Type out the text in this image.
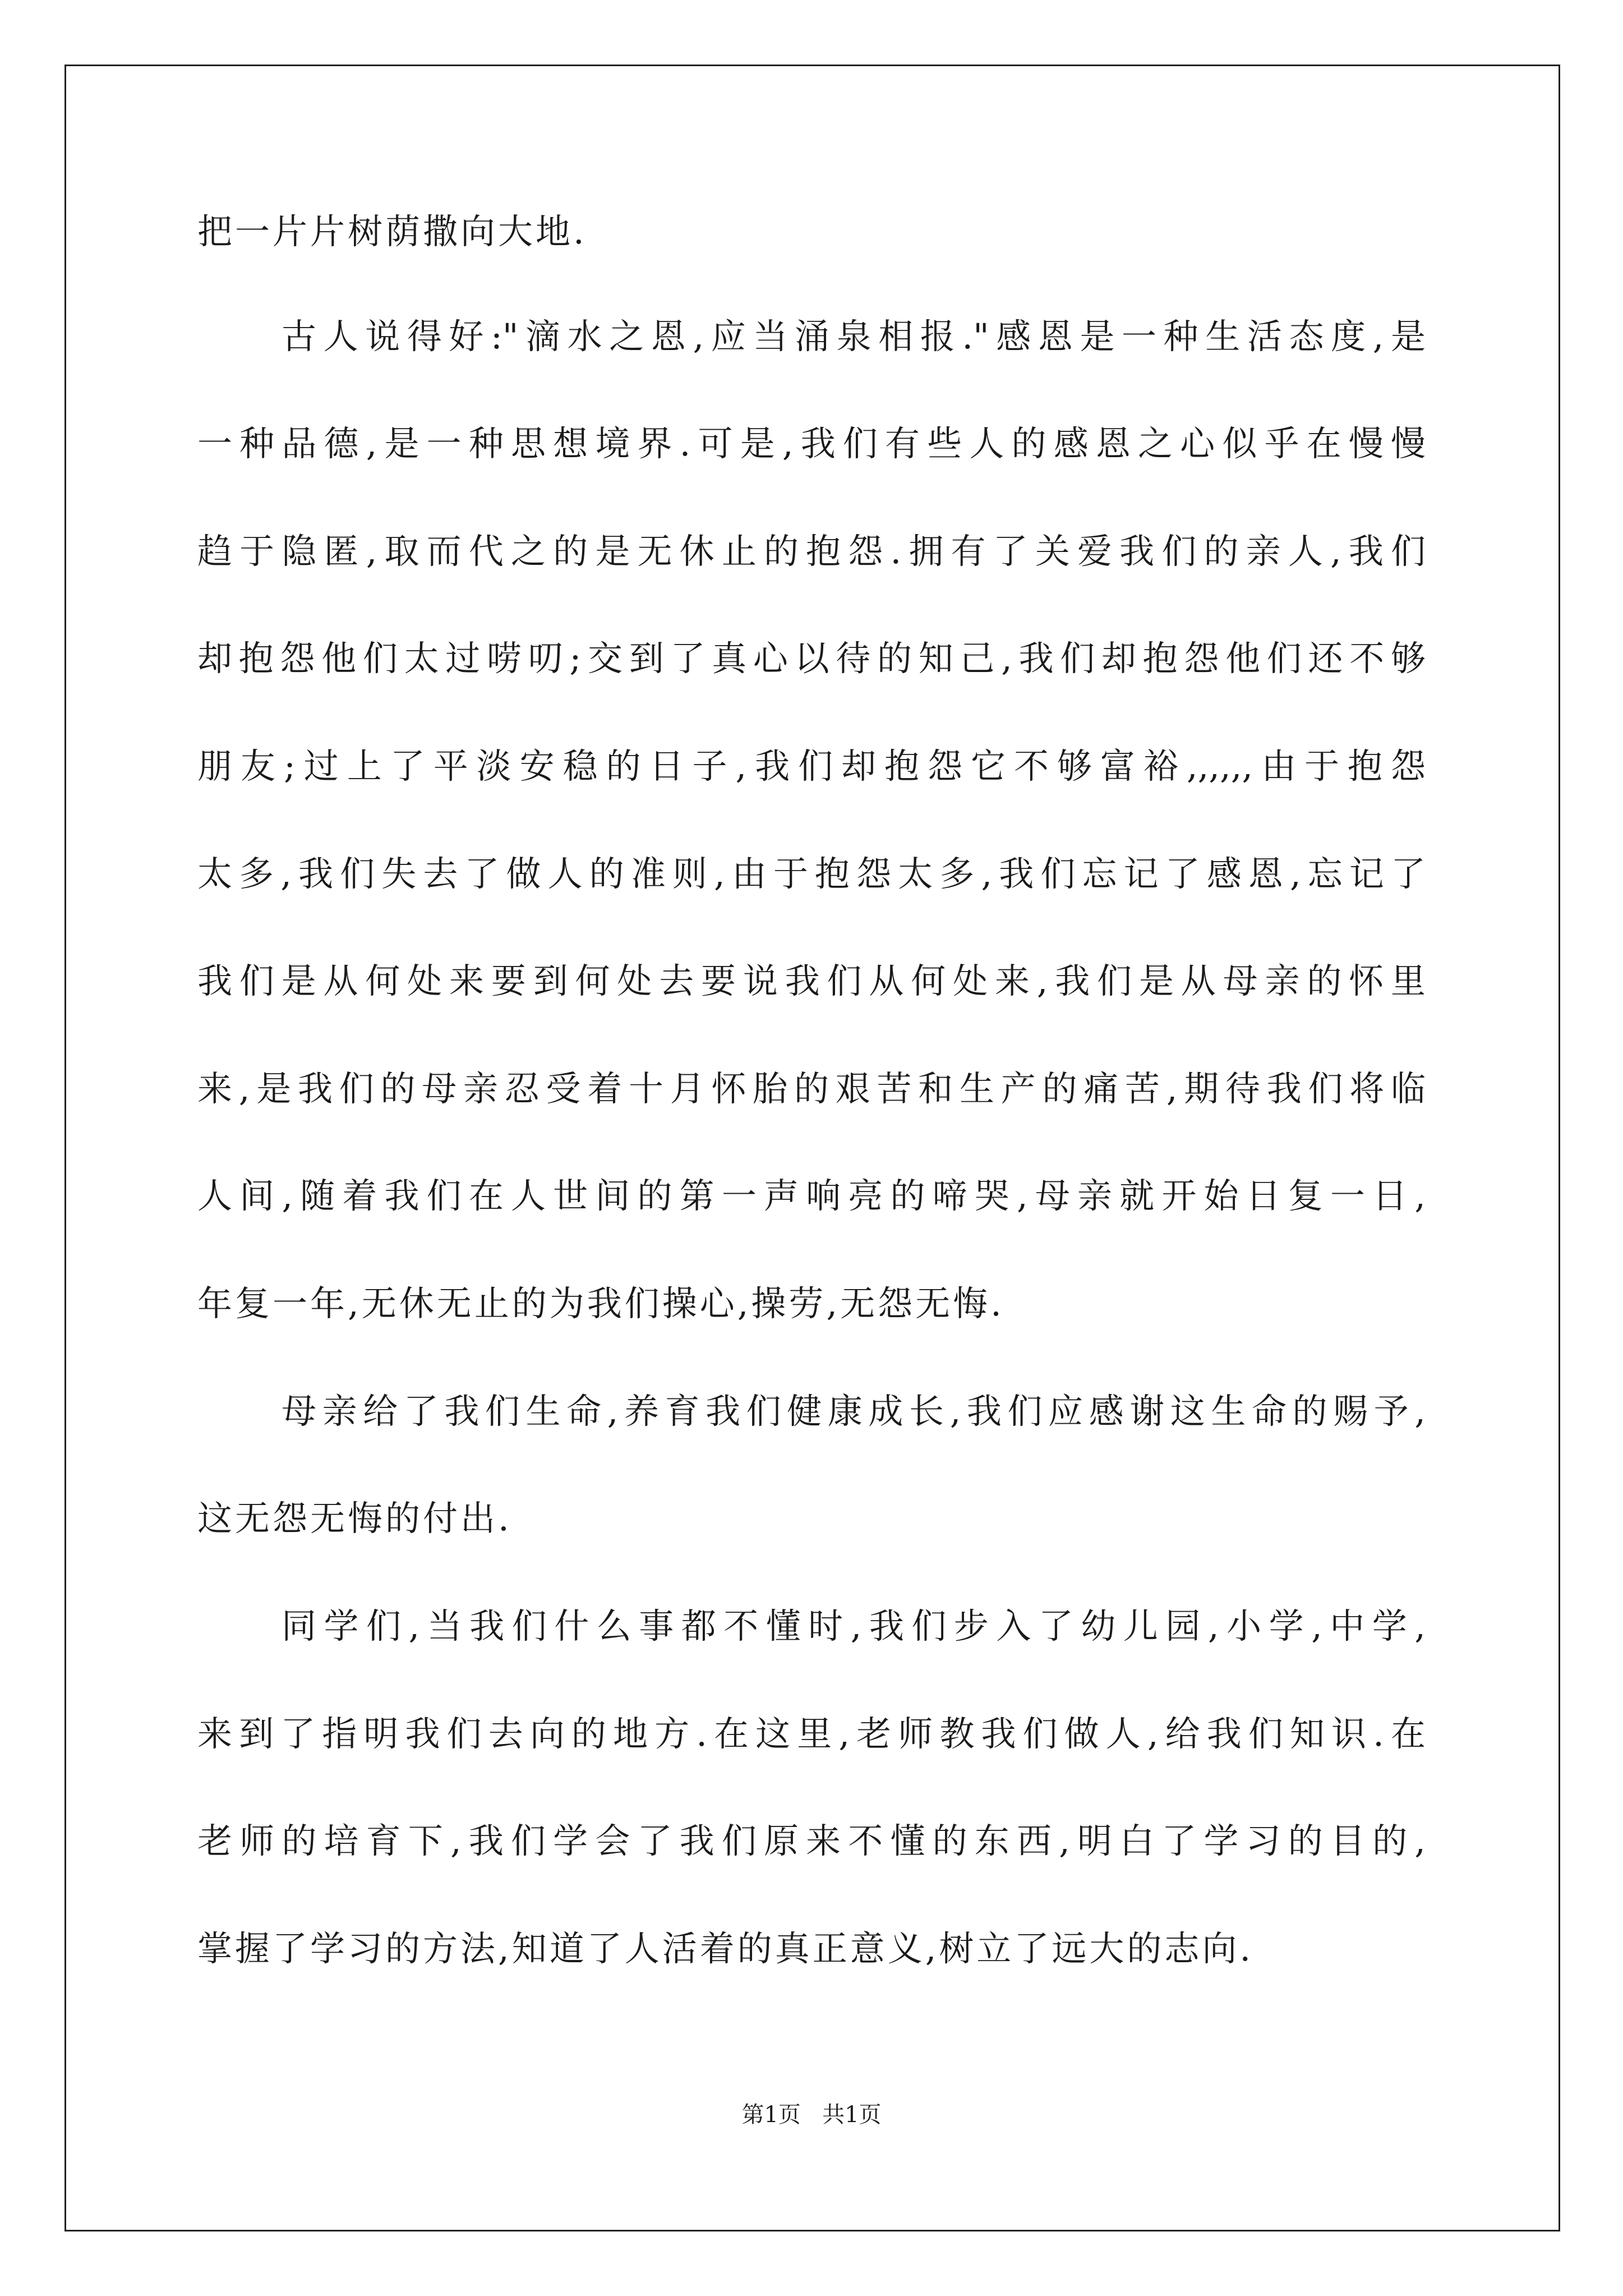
把一片片树荫撒向大地.
古人说得好:"滴水之恩,应当涌泉相报."感恩是一种生活态度,是
一种品德,是一种思想境界.可是,我们有些人的感恩之心似乎在慢慢
趋于隐匿,取而代之的是无休止的抱怨.拥有了关爱我们的亲人,我们
却抱怨他们太过唠叨;交到了真心以待的知己,我们却抱怨他们还不够
朋友;过上了平淡安稳的日子,我们却抱怨它不够富裕,,,,,,由于抱怨
太多,我们失去了做人的准则,由于抱怨太多,我们忘记了感恩,忘记了
我们是从何处来要到何处去要说我们从何处来,我们是从母亲的怀里
来,是我们的母亲忍受着十月怀胎的艰苦和生产的痛苦,期待我们将临
人间,随着我们在人世间的第一声响亮的啼哭,母亲就开始日复一日,
年复一年,无休无止的为我们操心,操劳,无怨无悔.
母亲给了我们生命,养育我们健康成长,我们应感谢这生命的赐予,
这无怨无悔的付出.
同学们,当我们什么事都不懂时,我们步入了幼儿园,小学,中学,
来到了指明我们去向的地方.在这里,老师教我们做人,给我们知识.在
老师的培育下,我们学会了我们原来不懂的东西,明白了学习的目的,
掌握了学习的方法,知道了人活着的真正意义,树立了远大的志向.
第1页 共1页
